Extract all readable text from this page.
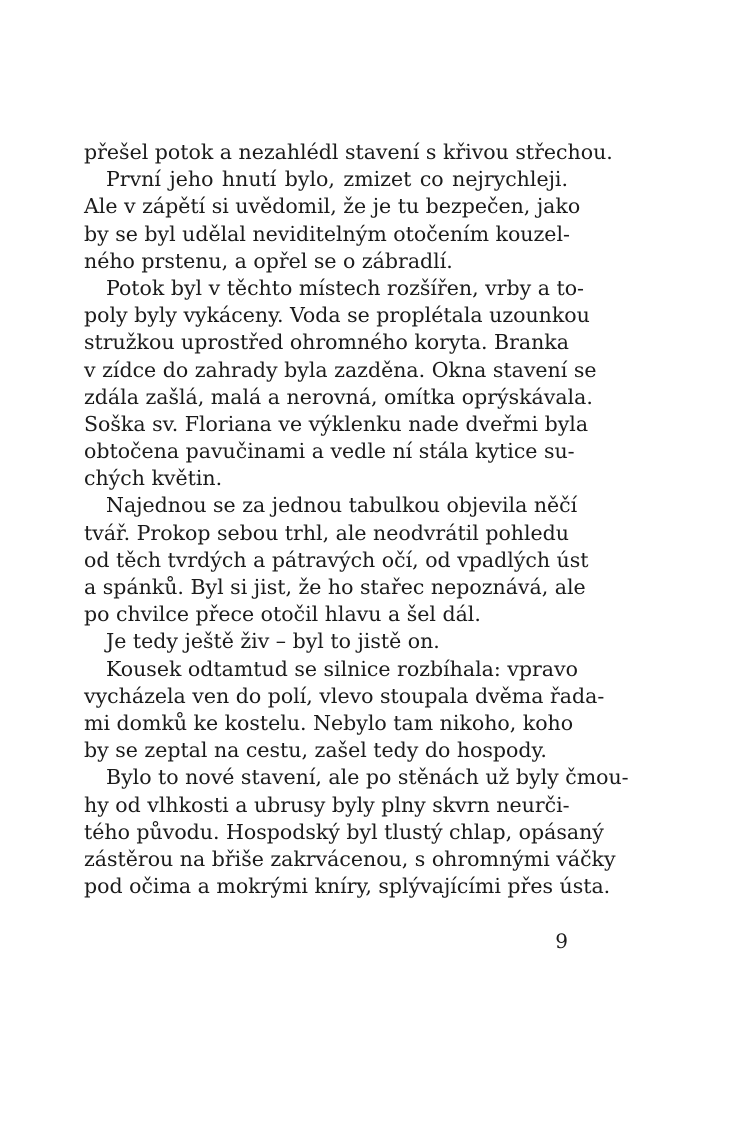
přešel potok a nezahlédl stavení s křivou střechou.
První jeho hnutí bylo, zmizet co nejrychleji.
Ale v zápětí si uvědomil, že je tu bezpečen, jako
by se byl udělal neviditelným otočením kouzel-
ného prstenu, a opřel se o zábradlí.
Potok byl v těchto místech rozšířen, vrby a to-
poly byly vykáceny. Voda se proplétala uzounkou
stružkou uprostřed ohromného koryta. Branka
v zídce do zahrady byla zazděna. Okna stavení se
zdála zašlá, malá a nerovná, omítka oprýskávala.
Soška sv. Floriana ve výklenku nade dveřmi byla
obtočena pavučinami a vedle ní stála kytice su-
chých květin.
Najednou se za jednou tabulkou objevila něčí
tvář. Prokop sebou trhl, ale neodvrátil pohledu
od těch tvrdých a pátravých očí, od vpadlých úst
a spánků. Byl si jist, že ho stařec nepoznává, ale
po chvilce přece otočil hlavu a šel dál.
Je tedy ještě živ – byl to jistě on.
Kousek odtamtud se silnice rozbíhala: vpravo
vycházela ven do polí, vlevo stoupala dvěma řada-
mi domků ke kostelu. Nebylo tam nikoho, koho
by se zeptal na cestu, zašel tedy do hospody.
Bylo to nové stavení, ale po stěnách už byly čmou-
hy od vlhkosti a ubrusy byly plny skvrn neurči-
tého původu. Hospodský byl tlustý chlap, opásaný
zástěrou na břiše zakrvácenou, s ohromnými váčky
pod očima a mokrými kníry, splývajícími přes ústa.
9
